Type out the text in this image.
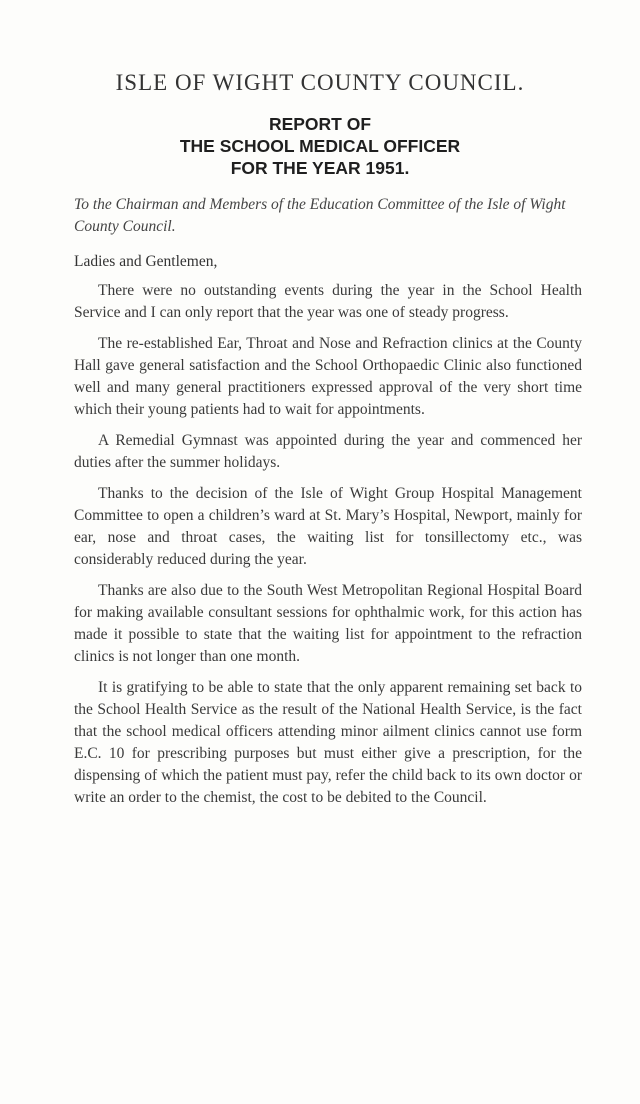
ISLE OF WIGHT COUNTY COUNCIL.
REPORT OF
THE SCHOOL MEDICAL OFFICER
FOR THE YEAR 1951.
To the Chairman and Members of the Education Committee of the Isle of Wight County Council.
Ladies and Gentlemen,

There were no outstanding events during the year in the School Health Service and I can only report that the year was one of steady progress.

The re-established Ear, Throat and Nose and Refraction clinics at the County Hall gave general satisfaction and the School Orthopaedic Clinic also functioned well and many general practitioners expressed approval of the very short time which their young patients had to wait for appointments.

A Remedial Gymnast was appointed during the year and commenced her duties after the summer holidays.

Thanks to the decision of the Isle of Wight Group Hospital Management Committee to open a children’s ward at St. Mary’s Hospital, Newport, mainly for ear, nose and throat cases, the waiting list for tonsillectomy etc., was considerably reduced during the year.

Thanks are also due to the South West Metropolitan Regional Hospital Board for making available consultant sessions for ophthalmic work, for this action has made it possible to state that the waiting list for appointment to the refraction clinics is not longer than one month.

It is gratifying to be able to state that the only apparent remaining set back to the School Health Service as the result of the National Health Service, is the fact that the school medical officers attending minor ailment clinics cannot use form E.C. 10 for prescribing purposes but must either give a prescription, for the dispensing of which the patient must pay, refer the child back to its own doctor or write an order to the chemist, the cost to be debited to the Council.
